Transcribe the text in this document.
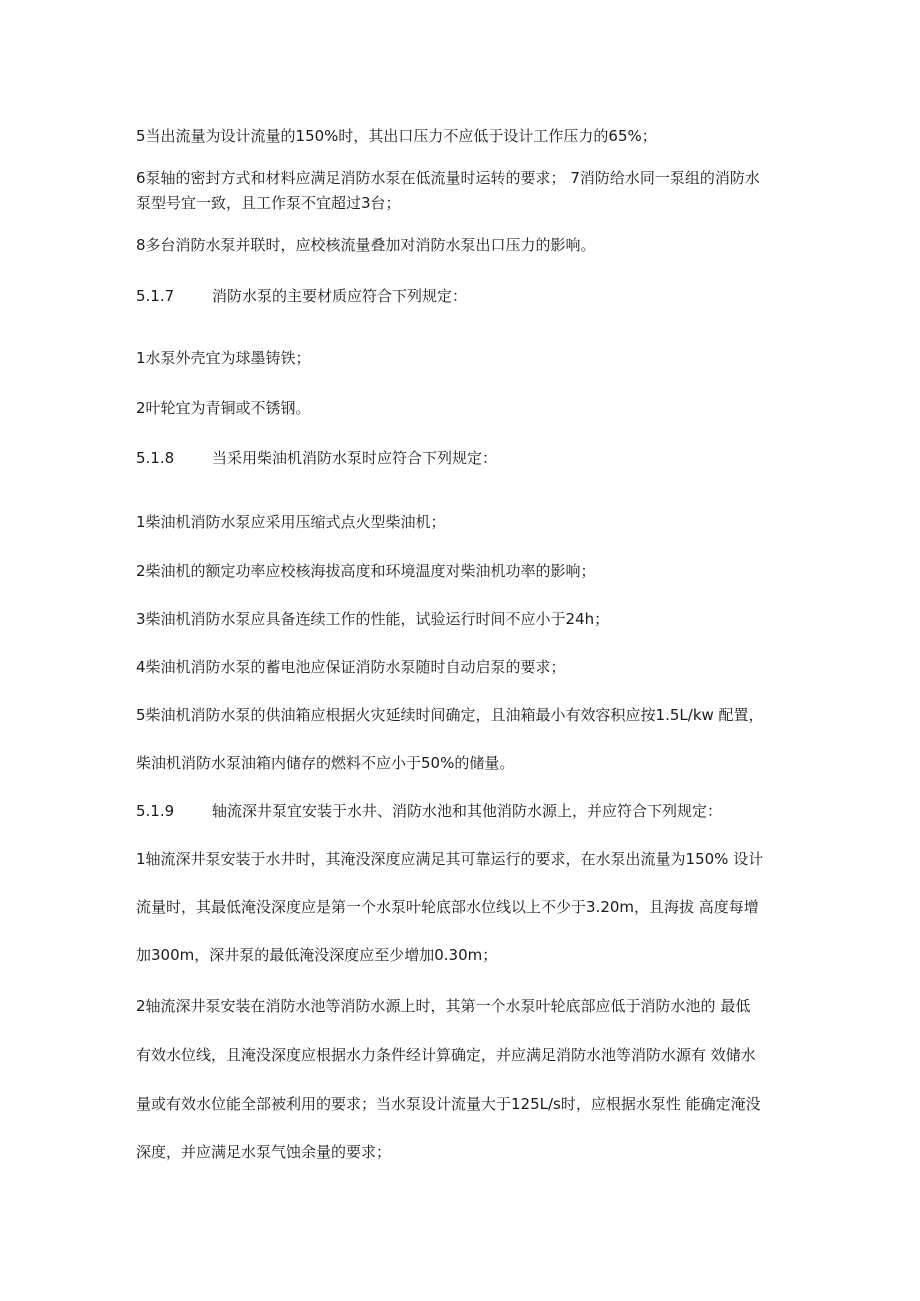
5当出流量为设计流量的150%时，其出口压力不应低于设计工作压力的65%；
6泵轴的密封方式和材料应满足消防水泵在低流量时运转的要求； 7消防给水同一泵组的消防水
泵型号宜一致，且工作泵不宜超过3台；
8多台消防水泵并联时，应校核流量叠加对消防水泵出口压力的影响。
5.1.7	消防水泵的主要材质应符合下列规定：
1水泵外壳宜为球墨铸铁；
2叶轮宜为青铜或不锈钢。
5.1.8	当采用柴油机消防水泵时应符合下列规定：
1柴油机消防水泵应采用压缩式点火型柴油机；
2柴油机的额定功率应校核海拔高度和环境温度对柴油机功率的影响；
3柴油机消防水泵应具备连续工作的性能，试验运行时间不应小于24h；
4柴油机消防水泵的蓄电池应保证消防水泵随时自动启泵的要求；
5柴油机消防水泵的供油箱应根据火灾延续时间确定，且油箱最小有效容积应按1.5L/kw 配置，
柴油机消防水泵油箱内储存的燃料不应小于50%的储量。
5.1.9	轴流深井泵宜安装于水井、消防水池和其他消防水源上，并应符合下列规定：
1轴流深井泵安装于水井时，其淹没深度应满足其可靠运行的要求，在水泵出流量为150% 设计
流量时，其最低淹没深度应是第一个水泵叶轮底部水位线以上不少于3.20m，且海拔 高度每增
加300m，深井泵的最低淹没深度应至少增加0.30m；
2轴流深井泵安装在消防水池等消防水源上时，其第一个水泵叶轮底部应低于消防水池的 最低
有效水位线，且淹没深度应根据水力条件经计算确定，并应满足消防水池等消防水源有 效储水
量或有效水位能全部被利用的要求；当水泵设计流量大于125L/s时，应根据水泵性 能确定淹没
深度，并应满足水泵气蚀余量的要求；
